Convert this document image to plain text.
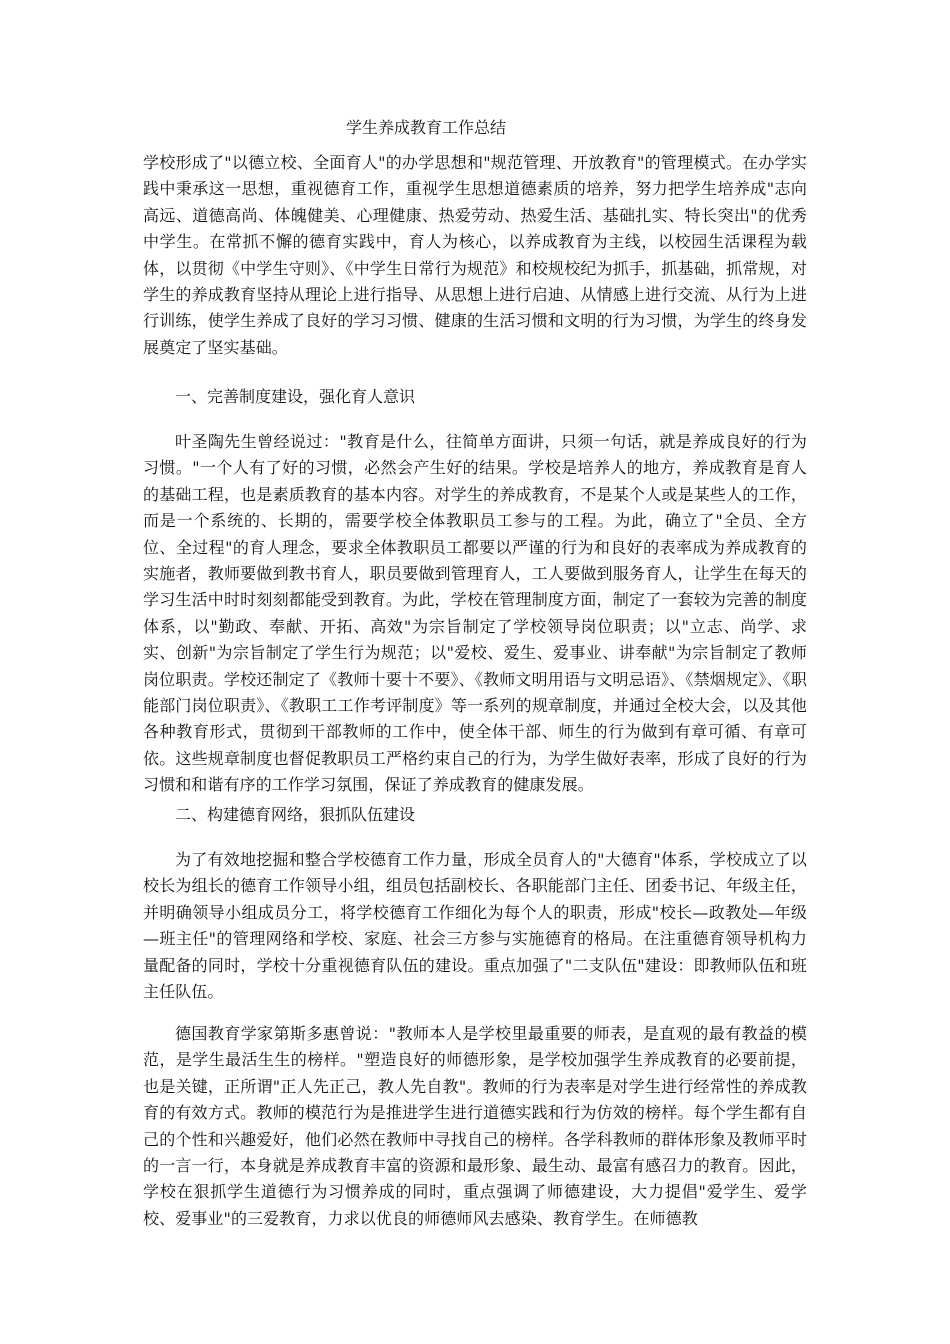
学生养成教育工作总结

学校形成了"以德立校、全面育人"的办学思想和"规范管理、开放教育"的管理模式。在办学实践中秉承这一思想，重视德育工作，重视学生思想道德素质的培养，努力把学生培养成"志向高远、道德高尚、体魄健美、心理健康、热爱劳动、热爱生活、基础扎实、特长突出"的优秀中学生。在常抓不懈的德育实践中，育人为核心，以养成教育为主线，以校园生活课程为载体，以贯彻《中学生守则》、《中学生日常行为规范》和校规校纪为抓手，抓基础，抓常规，对学生的养成教育坚持从理论上进行指导、从思想上进行启迪、从情感上进行交流、从行为上进行训练，使学生养成了良好的学习习惯、健康的生活习惯和文明的行为习惯，为学生的终身发展奠定了坚实基础。

一、完善制度建设，强化育人意识

叶圣陶先生曾经说过："教育是什么，往简单方面讲，只须一句话，就是养成良好的行为习惯。"一个人有了好的习惯，必然会产生好的结果。学校是培养人的地方，养成教育是育人的基础工程，也是素质教育的基本内容。对学生的养成教育，不是某个人或是某些人的工作，而是一个系统的、长期的，需要学校全体教职员工参与的工程。为此，确立了"全员、全方位、全过程"的育人理念，要求全体教职员工都要以严谨的行为和良好的表率成为养成教育的实施者，教师要做到教书育人，职员要做到管理育人，工人要做到服务育人，让学生在每天的学习生活中时时刻刻都能受到教育。为此，学校在管理制度方面，制定了一套较为完善的制度体系，以"勤政、奉献、开拓、高效"为宗旨制定了学校领导岗位职责；以"立志、尚学、求实、创新"为宗旨制定了学生行为规范；以"爱校、爱生、爱事业、讲奉献"为宗旨制定了教师岗位职责。学校还制定了《教师十要十不要》、《教师文明用语与文明忌语》、《禁烟规定》、《职能部门岗位职责》、《教职工工作考评制度》等一系列的规章制度，并通过全校大会，以及其他各种教育形式，贯彻到干部教师的工作中，使全体干部、师生的行为做到有章可循、有章可依。这些规章制度也督促教职员工严格约束自己的行为，为学生做好表率，形成了良好的行为习惯和和谐有序的工作学习氛围，保证了养成教育的健康发展。

二、构建德育网络，狠抓队伍建设

为了有效地挖掘和整合学校德育工作力量，形成全员育人的"大德育"体系，学校成立了以校长为组长的德育工作领导小组，组员包括副校长、各职能部门主任、团委书记、年级主任，并明确领导小组成员分工，将学校德育工作细化为每个人的职责，形成"校长—政教处—年级—班主任"的管理网络和学校、家庭、社会三方参与实施德育的格局。在注重德育领导机构力量配备的同时，学校十分重视德育队伍的建设。重点加强了"二支队伍"建设：即教师队伍和班主任队伍。

德国教育学家第斯多惠曾说："教师本人是学校里最重要的师表，是直观的最有教益的模范，是学生最活生生的榜样。"塑造良好的师德形象，是学校加强学生养成教育的必要前提，也是关键，正所谓"正人先正己，教人先自教"。教师的行为表率是对学生进行经常性的养成教育的有效方式。教师的模范行为是推进学生进行道德实践和行为仿效的榜样。每个学生都有自己的个性和兴趣爱好，他们必然在教师中寻找自己的榜样。各学科教师的群体形象及教师平时的一言一行，本身就是养成教育丰富的资源和最形象、最生动、最富有感召力的教育。因此，学校在狠抓学生道德行为习惯养成的同时，重点强调了师德建设，大力提倡"爱学生、爱学校、爱事业"的三爱教育，力求以优良的师德师风去感染、教育学生。在师德教
